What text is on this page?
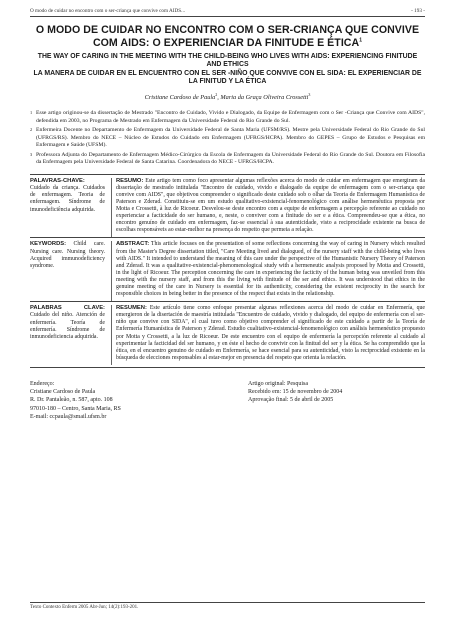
O modo de cuidar no encontro com o ser-criança que convive com AIDS...	- 193 -
O MODO DE CUIDAR NO ENCONTRO COM O SER-CRIANÇA QUE CONVIVE COM AIDS: O EXPERIENCIAR DA FINITUDE E ÉTICA$^1$
THE WAY OF CARING IN THE MEETING WITH THE CHILD-BEING WHO LIVES WITH AIDS: EXPERIENCING FINITUDE AND ETHICS
LA MANERA DE CUIDAR EN EL ENCUENTRO CON EL SER -NIÑO QUE CONVIVE CON EL SIDA: EL EXPERIENCIAR DE LA FINITUD Y LA ÉTICA
Cristiane Cardoso de Paula$^2$, Maria da Graça Oliveira Crossetti$^3$
1 Esse artigo originou-se da dissertação de Mestrado "Encontro de Cuidado, Vivido e Dialogado, da Equipe de Enfermagem com o Ser -Criança que Convive com AIDS", defendida em 2003, no Programa de Mestrado em Enfermagem da Universidade Federal do Rio Grande do Sul.
2 Enfermeira Docente no Departamento de Enfermagem da Universidade Federal de Santa Maria (UFSM/RS). Mestre pela Universidade Federal do Rio Grande do Sul (UFRGS/RS). Membro do NECE – Núcleo de Estudos do Cuidado em Enfermagem (UFRGS/HCPA). Membro do GEPES – Grupo de Estudos e Pesquisas em Enfermagem e Saúde (UFSM).
3 Professora Adjunta do Departamento de Enfermagem Médico-Cirúrgico da Escola de Enfermagem da Universidade Federal do Rio Grande do Sul. Doutora em Filosofia da Enfermagem pela Universidade Federal de Santa Catarina. Coordenadora do NECE - UFRGS/HCPA.
PALAVRAS-CHAVE: Cuidado da criança. Cuidados de enfermagem. Teoria de enfermagem. Síndrome de imunodeficiência adquirida.
RESUMO: Este artigo tem como foco apresentar algumas reflexões acerca do modo de cuidar em enfermagem que emergiram da dissertação de mestrado intitulada "Encontro de cuidado, vivido e dialogado da equipe de enfermagem com o ser-criança que convive com AIDS", que objetivou compreender o significado deste cuidado sob o olhar da Teoria de Enfermagem Humanística de Paterson e Zderad. Constituiu-se em um estudo qualitativo-existencial-fenomenológico com análise hermenêutica proposta por Motta e Crossetti, à luz de Ricoeur. Desvelou-se deste encontro com a equipe de enfermagem a percepção referente ao cuidado no experienciar a facticidade do ser humano, e, neste, o conviver com a finitude do ser e a ética. Compreendeu-se que a ética, no encontro genuíno de cuidado em enfermagem, faz-se essencial à sua autenticidade, visto a reciprocidade existente na busca de escolhas responsáveis ao estar-melhor na presença do respeito que permeia a relação.
KEYWORDS: Child care. Nursing care. Nursing theory. Acquired immunodeficiency syndrome.
ABSTRACT: This article focuses on the presentation of some reflections concerning the way of caring in Nursery which resulted from the Master's Degree dissertation titled, "Care Meeting lived and dialogued, of the nursery staff with the child-being who lives with AIDS." It intended to understand the meaning of this care under the perspective of the Humanistic Nursery Theory of Paterson and Zderad. It was a qualitative-existencial-phenomenological study with a hermeneutic analysis proposed by Motta and Crossetti, in the light of Ricoeur. The perception concerning the care in experiencing the facticity of the human being was unveiled from this meeting with the nursery staff, and from this the living with finitude of the ser and ethics. It was understood that ethics in the genuine meeting of the care in Nursery is essential for its authenticity, considering the existent reciprocity in the search for responsible choices in being better in the presence of the respect that exists in the relationship.
PALABRAS CLAVE: Cuidado del niño. Atención de enfermería. Teoría de enfermería. Síndrome de inmunodeficiencia adquirida.
RESUMEN: Este artículo tiene como enfoque presentar algunas reflexiones acerca del modo de cuidar en Enfermería, que emergieron de la disertación de maestría intitulada "Encuentro de cuidado, vivido y dialogado, del equipo de enfermería con el ser-niño que convive con SIDA", el cual tuvo como objetivo comprender el significado de este cuidado a partir de la Teoría de Enfermería Humanística de Paterson y Zderad. Estudio cualitativo-existencial-fenomenológico con análisis hermenéutico propuesto por Motta y Crossetti, a la luz de Ricoeur. De este encuentro con el equipo de enfermería la percepción referente al cuidado al experimentar la facticidad del ser humano, y en éste el hecho de convivir con la finitud del ser y la ética. Se ha comprendido que la ética, en el encuentro genuino de cuidado en Enfermería, se hace esencial para su autenticidad, visto la reciprocidad existente en la búsqueda de elecciones responsables al estar-mejor en presencia del respeto que orienta la relación.
Endereço:
Cristiane Cardoso de Paula
R. Dr. Pantaleão, n. 587, apto. 108
97010-180 – Centro, Santa Maria, RS
E-mail: ccpaula@smail.ufsm.br
Artigo original: Pesquisa
Recebido em: 15 de novembro de 2004
Aprovação final: 5 de abril de 2005
Texto Contexto Enferm 2005 Abr-Jun; 14(2):193-201.
